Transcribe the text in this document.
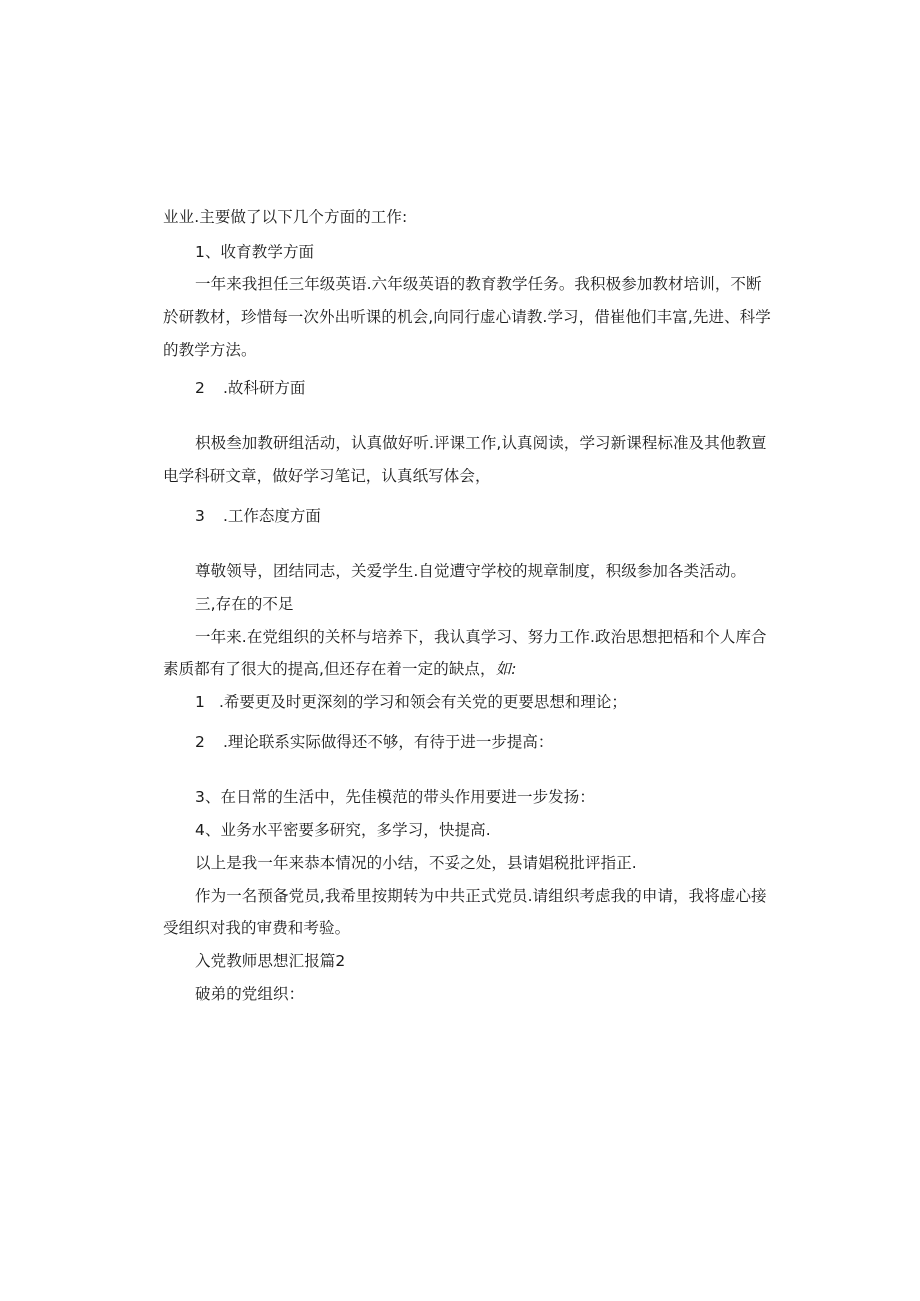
业业.主要做了以下几个方面的工作:
1、收育教学方面
一年来我担任三年级英语.六年级英语的教育教学任务。我积极参加教材培训，不断
於研教材，珍惜每一次外出听课的机会,向同行虚心请教.学习，借崔他们丰富,先进、科学
的教学方法。
2 .故科研方面
枳极叁加教研组活动，认真做好听.评课工作,认真阅读，学习新课程标准及其他教亶
电学科研文章，做好学习笔记，认真纸写体会，
3 .工作态度方面
尊敬领导，团结同志，关爱学生.自觉遭守学校的规章制度，积级参加各类活动。
三,存在的不足
一年来.在党组织的关杯与培养下，我认真学习、努力工作.政治思想把梧和个人库合
素质都有了很大的提高,但还存在着一定的缺点，如:
1 .希要更及时更深刻的学习和领会有关党的更要思想和理论；
2 .理论联系实际做得还不够，有待于进一步提高：
3、在日常的生活中，先佳模范的带头作用要进一步发扬：
4、业务水平密要多研究，多学习，快提高.
以上是我一年来恭本情况的小结，不妥之处，县请娼税批评指正.
作为一名预备党员,我希里按期转为中共正式党员.请组织考虑我的申请，我将虚心接
受组织对我的审费和考验。
入党教师思想汇报篇2
破弟的党组织：
